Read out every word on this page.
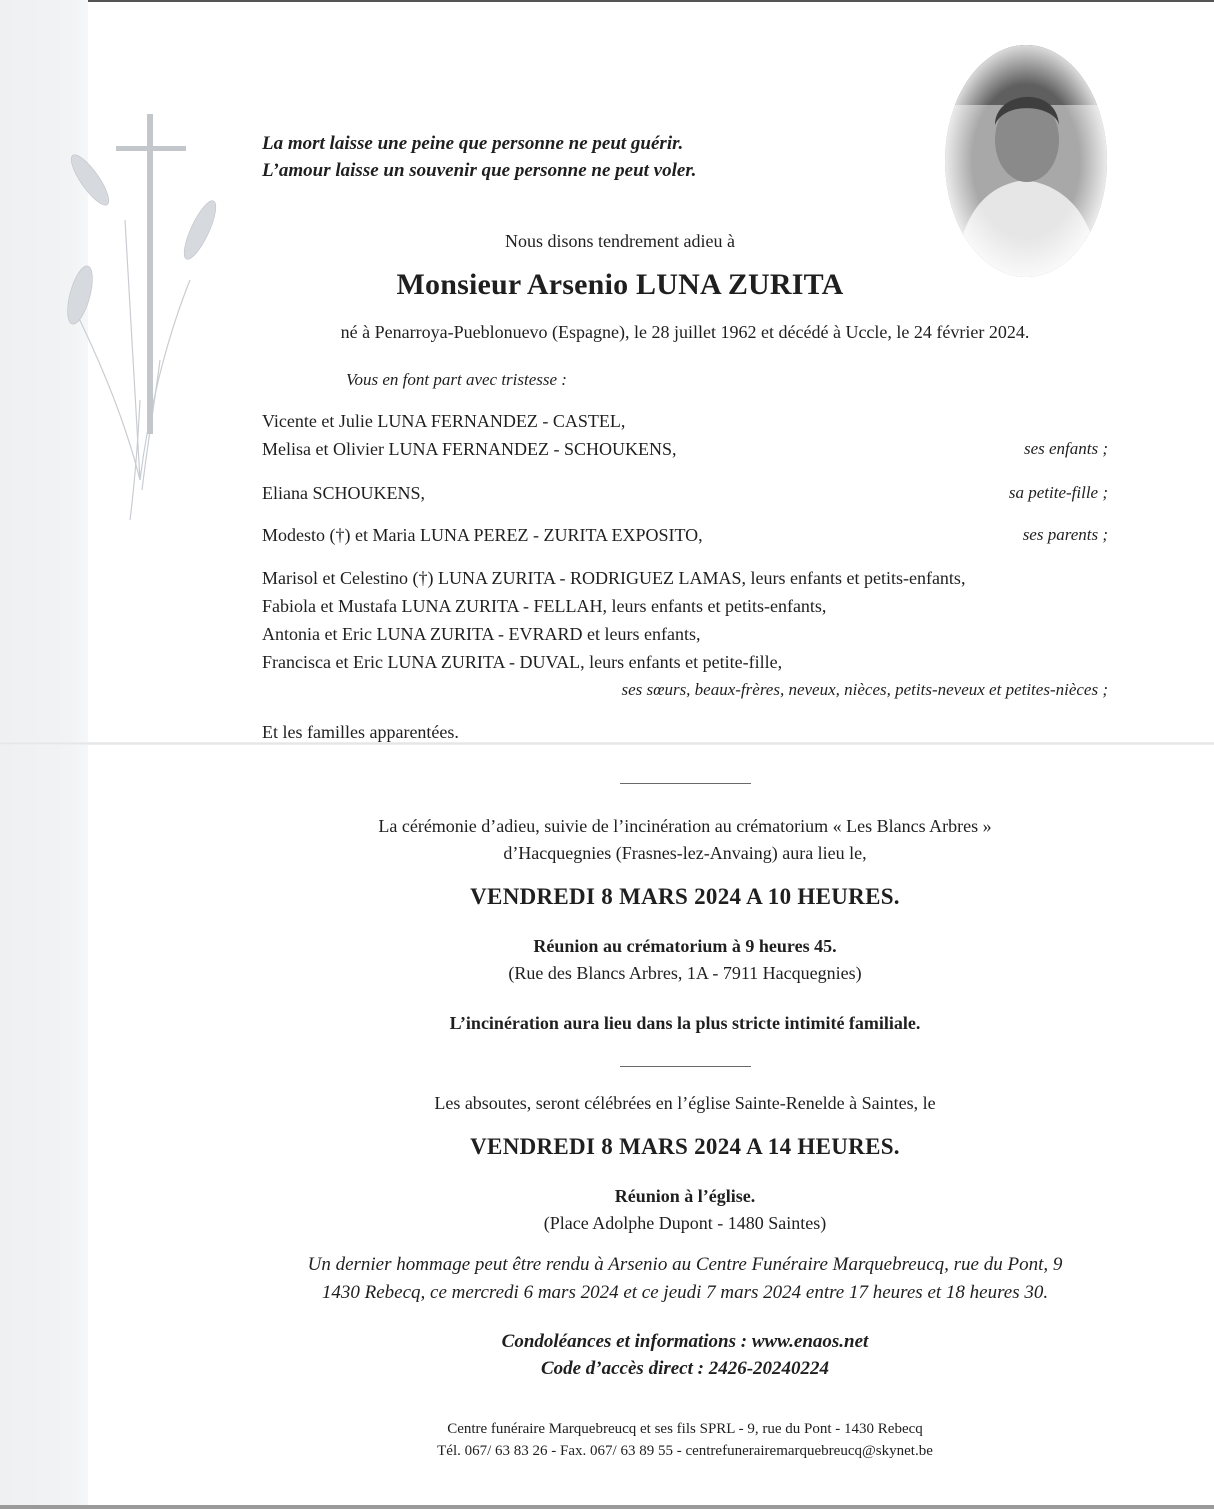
La mort laisse une peine que personne ne peut guérir.
L’amour laisse un souvenir que personne ne peut voler.
Nous disons tendrement adieu à
Monsieur Arsenio LUNA ZURITA
né à Penarroya-Pueblonuevo (Espagne), le 28 juillet 1962 et décédé à Uccle, le 24 février 2024.
Vous en font part avec tristesse :
Vicente et Julie LUNA FERNANDEZ - CASTEL,
Melisa et Olivier LUNA FERNANDEZ - SCHOUKENS,	ses enfants ;
Eliana SCHOUKENS,	sa petite-fille ;
Modesto (†) et Maria LUNA PEREZ - ZURITA EXPOSITO,	ses parents ;
Marisol et Celestino (†) LUNA ZURITA - RODRIGUEZ LAMAS, leurs enfants et petits-enfants,
Fabiola et Mustafa LUNA ZURITA - FELLAH, leurs enfants et petits-enfants,
Antonia et Eric LUNA ZURITA - EVRARD et leurs enfants,
Francisca et Eric LUNA ZURITA - DUVAL, leurs enfants et petite-fille,
ses sœurs, beaux-frères, neveux, nièces, petits-neveux et petites-nièces ;
Et les familles apparentées.
La cérémonie d’adieu, suivie de l’incinération au crématorium « Les Blancs Arbres »
d’Hacquegnies (Frasnes-lez-Anvaing) aura lieu le,
VENDREDI 8 MARS 2024 A 10 HEURES.
Réunion au crématorium à 9 heures 45.
(Rue des Blancs Arbres, 1A - 7911 Hacquegnies)
L’incinération aura lieu dans la plus stricte intimité familiale.
Les absoutes, seront célébrées en l’église Sainte-Renelde à Saintes, le
VENDREDI 8 MARS 2024 A 14 HEURES.
Réunion à l’église.
(Place Adolphe Dupont - 1480 Saintes)
Un dernier hommage peut être rendu à Arsenio au Centre Funéraire Marquebreucq, rue du Pont, 9
1430 Rebecq, ce mercredi 6 mars 2024 et ce jeudi 7 mars 2024 entre 17 heures et 18 heures 30.
Condoléances et informations : www.enaos.net
Code d’accès direct : 2426-20240224
Centre funéraire Marquebreucq et ses fils SPRL - 9, rue du Pont - 1430 Rebecq
Tél. 067/ 63 83 26 - Fax. 067/ 63 89 55 - centrefunerairemarquebreucq@skynet.be
